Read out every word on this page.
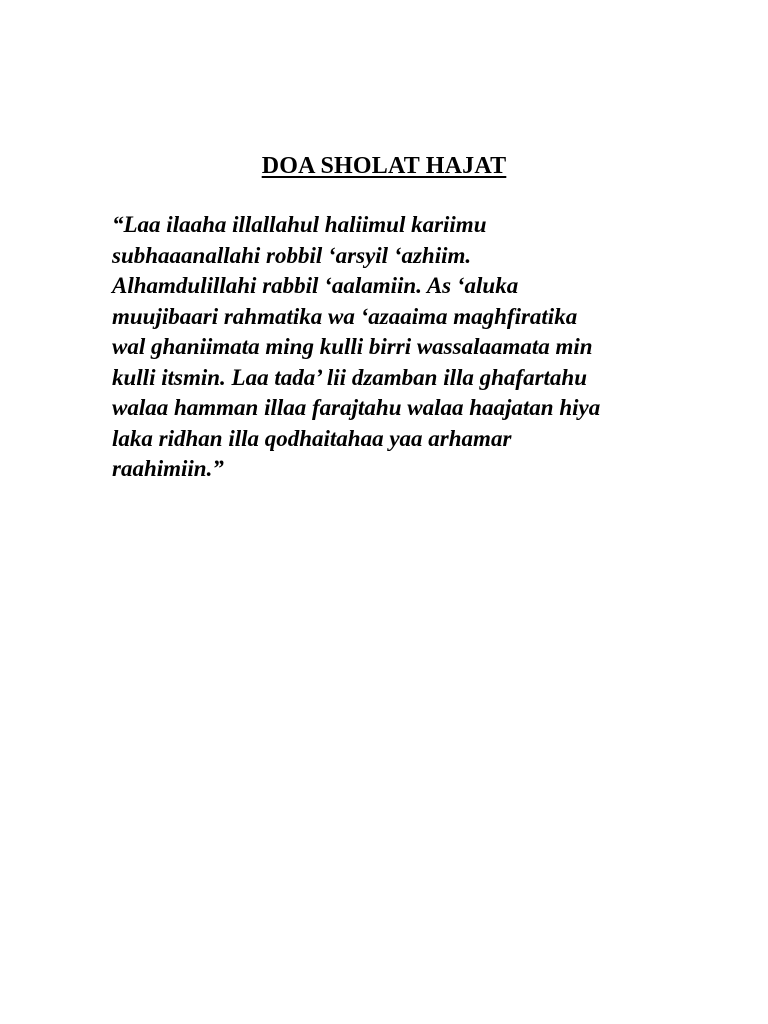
DOA SHOLAT HAJAT
“Laa ilaaha illallahul haliimul kariimu
subhaaanallahi robbil ‘arsyil ‘azhiim.
Alhamdulillahi rabbil ‘aalamiin. As ‘aluka
muujibaari rahmatika wa ‘azaaima maghfiratika
wal ghaniimata ming kulli birri wassalaamata min
kulli itsmin. Laa tada’ lii dzamban illa ghafartahu
walaa hamman illaa farajtahu walaa haajatan hiya
laka ridhan illa qodhaitahaa yaa arhamar
raahimiin.”
